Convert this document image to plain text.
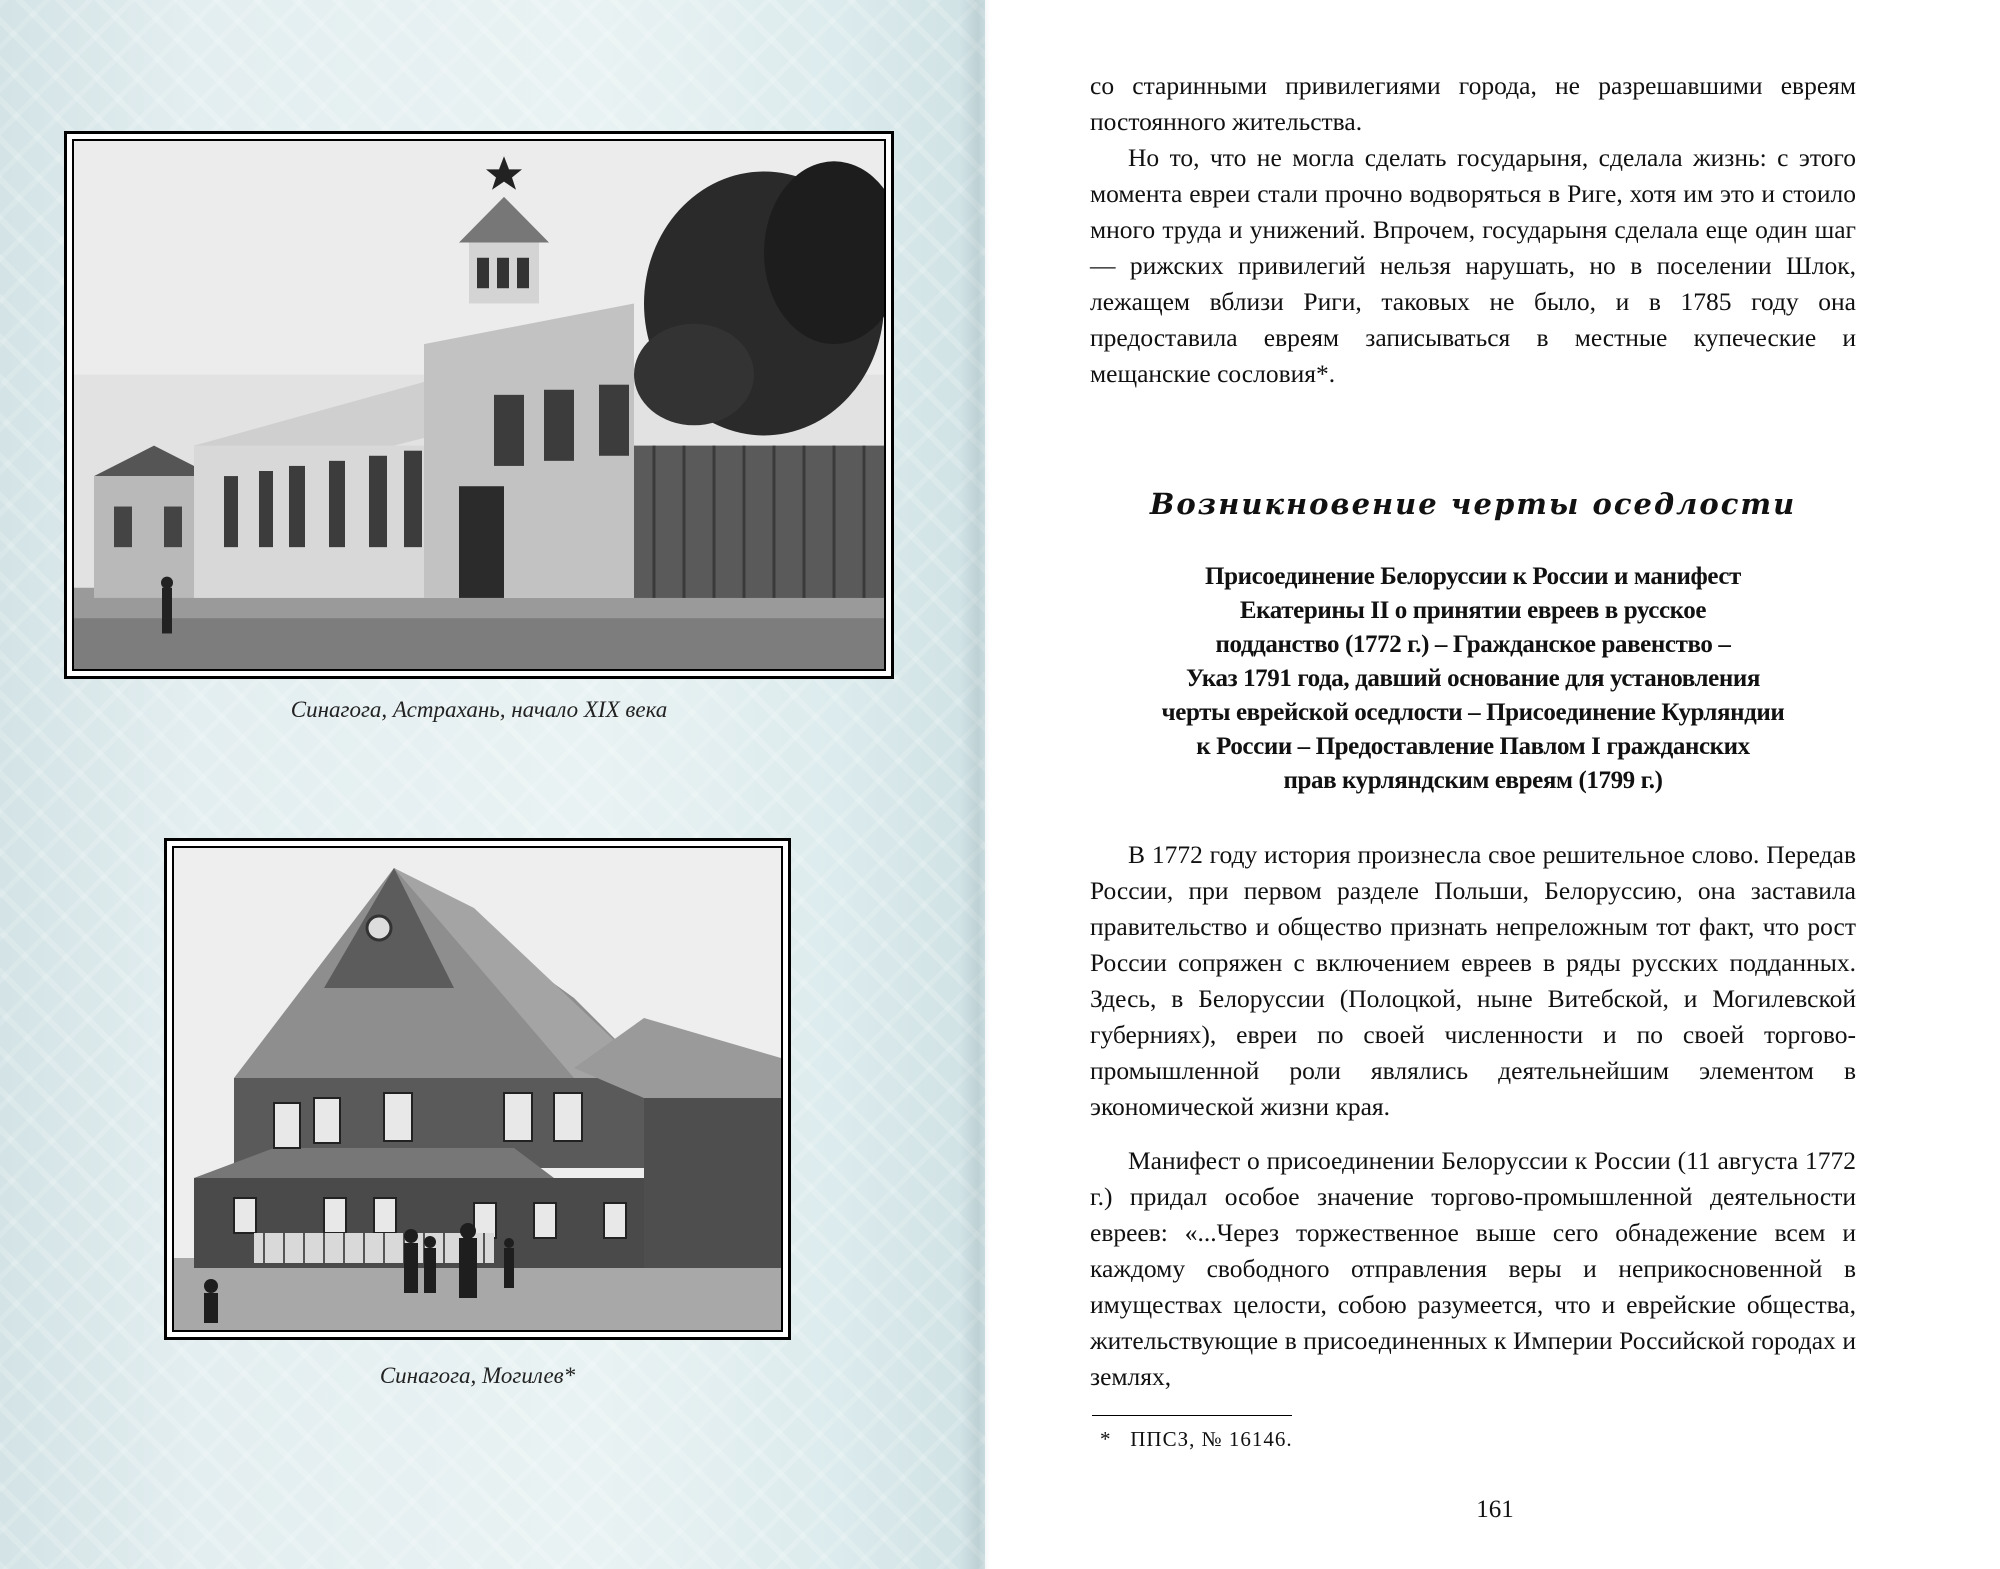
Синагога, Астрахань, начало XIX века
Синагога, Могилев*

со старинными привилегиями города, не разрешавшими евреям постоянного жительства.

Но то, что не могла сделать государыня, сделала жизнь: с этого момента евреи стали прочно водворяться в Риге, хотя им это и стоило много труда и унижений. Впрочем, государыня сделала еще один шаг — рижских привилегий нельзя нарушать, но в поселении Шлок, лежащем вблизи Риги, таковых не было, и в 1785 году она предоставила евреям записываться в местные купеческие и мещанские сословия*.

Возникновение черты оседлости
Присоединение Белоруссии к России и манифест
Екатерины II о принятии евреев в русское
подданство (1772 г.) – Гражданское равенство –
Указ 1791 года, давший основание для установления
черты еврейской оседлости – Присоединение Курляндии
к России – Предоставление Павлом I гражданских
прав курляндским евреям (1799 г.)

В 1772 году история произнесла свое решительное слово. Передав России, при первом разделе Польши, Белоруссию, она заставила правительство и общество признать непреложным тот факт, что рост России сопряжен с включением евреев в ряды русских подданных. Здесь, в Белоруссии (Полоцкой, ныне Витебской, и Могилевской губерниях), евреи по своей численности и по своей торгово-промышленной роли являлись деятельнейшим элементом в экономической жизни края.

Манифест о присоединении Белоруссии к России (11 августа 1772 г.) придал особое значение торгово-промышленной деятельности евреев: «...Через торжественное выше сего обнадежение всем и каждому свободного отправления веры и неприкосновенной в имуществах целости, собою разумеется, что и еврейские общества, жительствующие в присоединенных к Империи Российской городах и землях,

*   ППСЗ, № 16146.

161
